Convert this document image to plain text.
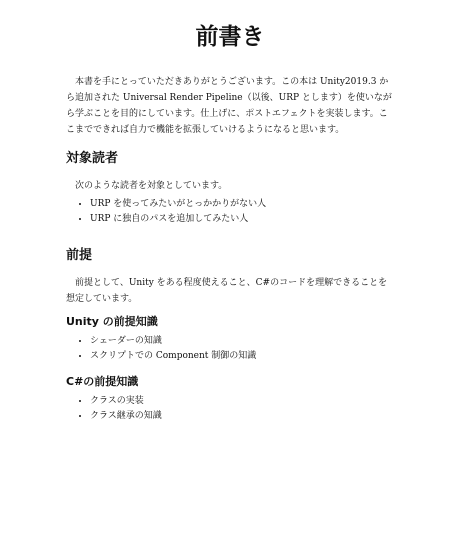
前書き

本書を手にとっていただきありがとうございます。この本は Unity2019.3 から追加された Universal Render Pipeline（以後、URP とします）を使いながら学ぶことを目的にしています。仕上げに、ポストエフェクトを実装します。ここまでできれば自力で機能を拡張していけるようになると思います。

対象読者

次のような読者を対象としています。

• URP を使ってみたいがとっかかりがない人
• URP に独自のパスを追加してみたい人
前提

前提として、Unity をある程度使えること、C#のコードを理解できることを想定しています。

Unity の前提知識
• シェーダーの知識
• スクリプトでの Component 制御の知識
C#の前提知識
• クラスの実装
• クラス継承の知識
